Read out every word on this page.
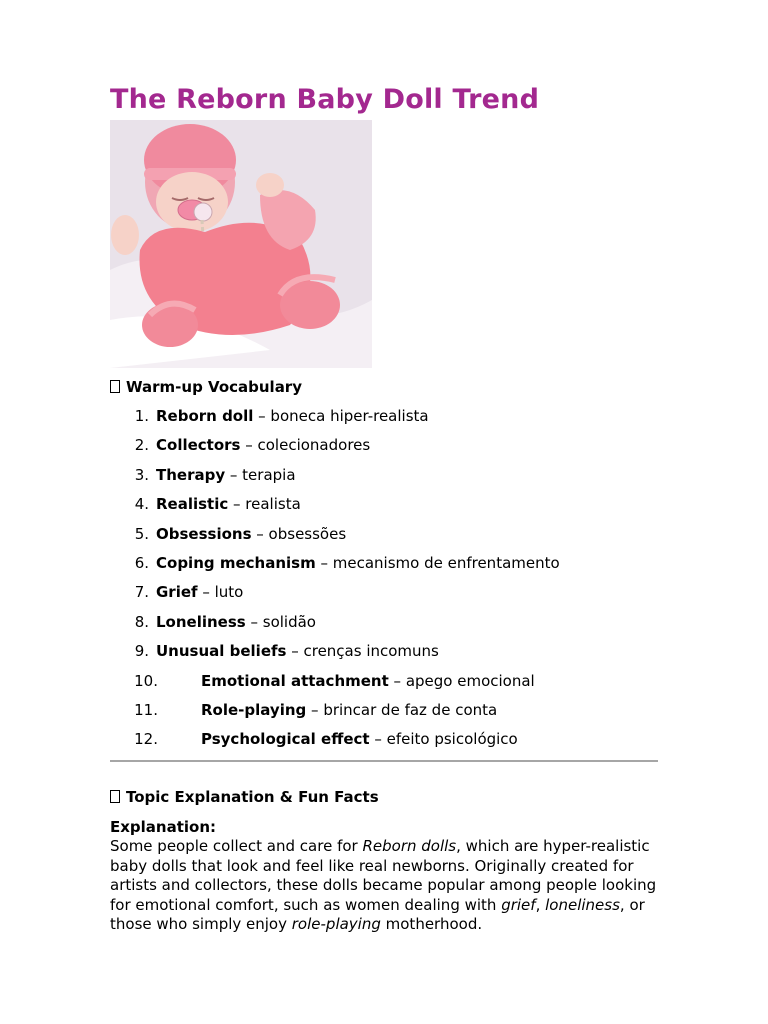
The Reborn Baby Doll Trend
Warm-up Vocabulary
1. Reborn doll – boneca hiper-realista
2. Collectors – colecionadores
3. Therapy – terapia
4. Realistic – realista
5. Obsessions – obsessões
6. Coping mechanism – mecanismo de enfrentamento
7. Grief – luto
8. Loneliness – solidão
9. Unusual beliefs – crenças incomuns
10.	Emotional attachment – apego emocional
11.	Role-playing – brincar de faz de conta
12.	Psychological effect – efeito psicológico
Topic Explanation & Fun Facts
Explanation:

Some people collect and care for Reborn dolls, which are hyper-realistic baby dolls that look and feel like real newborns. Originally created for artists and collectors, these dolls became popular among people looking for emotional comfort, such as women dealing with grief, loneliness, or those who simply enjoy role-playing motherhood.
